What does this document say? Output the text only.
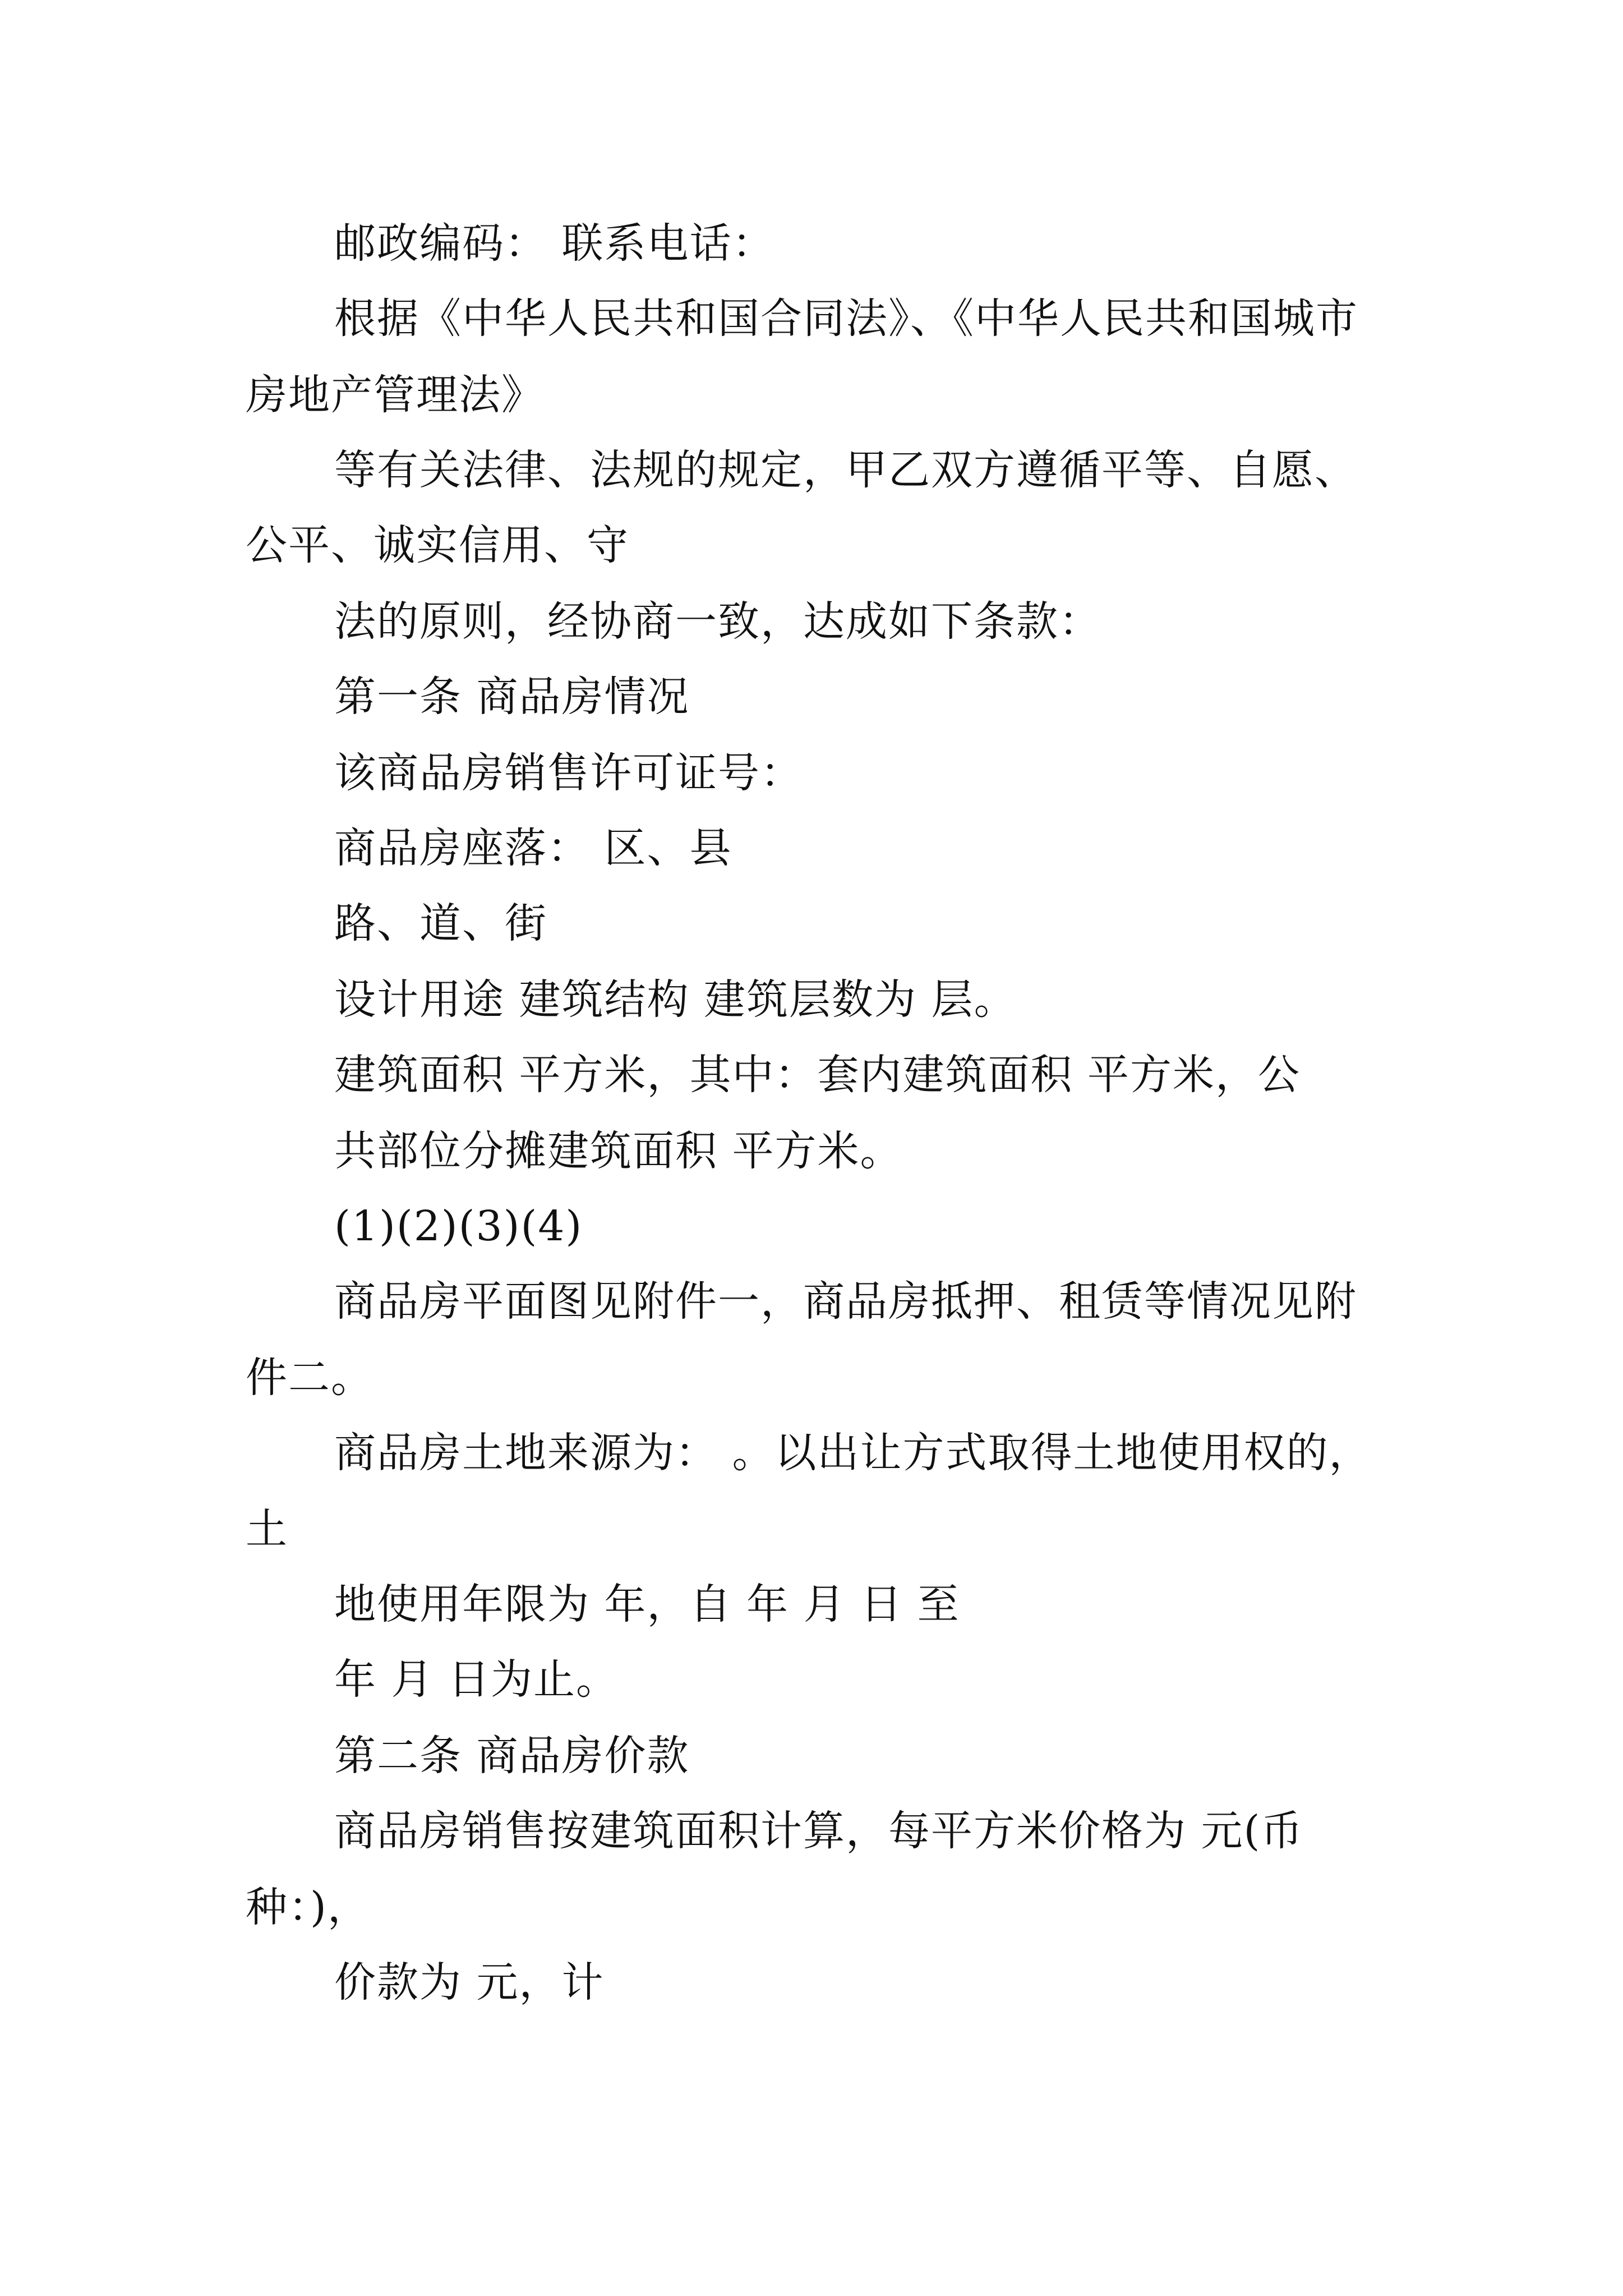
邮政编码： 联系电话：
根据《中华人民共和国合同法》、《中华人民共和国城市
房地产管理法》
等有关法律、法规的规定，甲乙双方遵循平等、自愿、
公平、诚实信用、守
法的原则，经协商一致，达成如下条款：
第一条 商品房情况
该商品房销售许可证号：
商品房座落： 区、县
路、道、街
设计用途 建筑结构 建筑层数为 层。
建筑面积 平方米，其中：套内建筑面积 平方米，公
共部位分摊建筑面积 平方米。
(1)(2)(3)(4)
商品房平面图见附件一，商品房抵押、租赁等情况见附
件二。
商品房土地来源为： 。以出让方式取得土地使用权的，
土
地使用年限为 年，自 年 月 日 至
年 月 日为止。
第二条 商品房价款
商品房销售按建筑面积计算，每平方米价格为 元(币
种：)，
价款为 元，计
